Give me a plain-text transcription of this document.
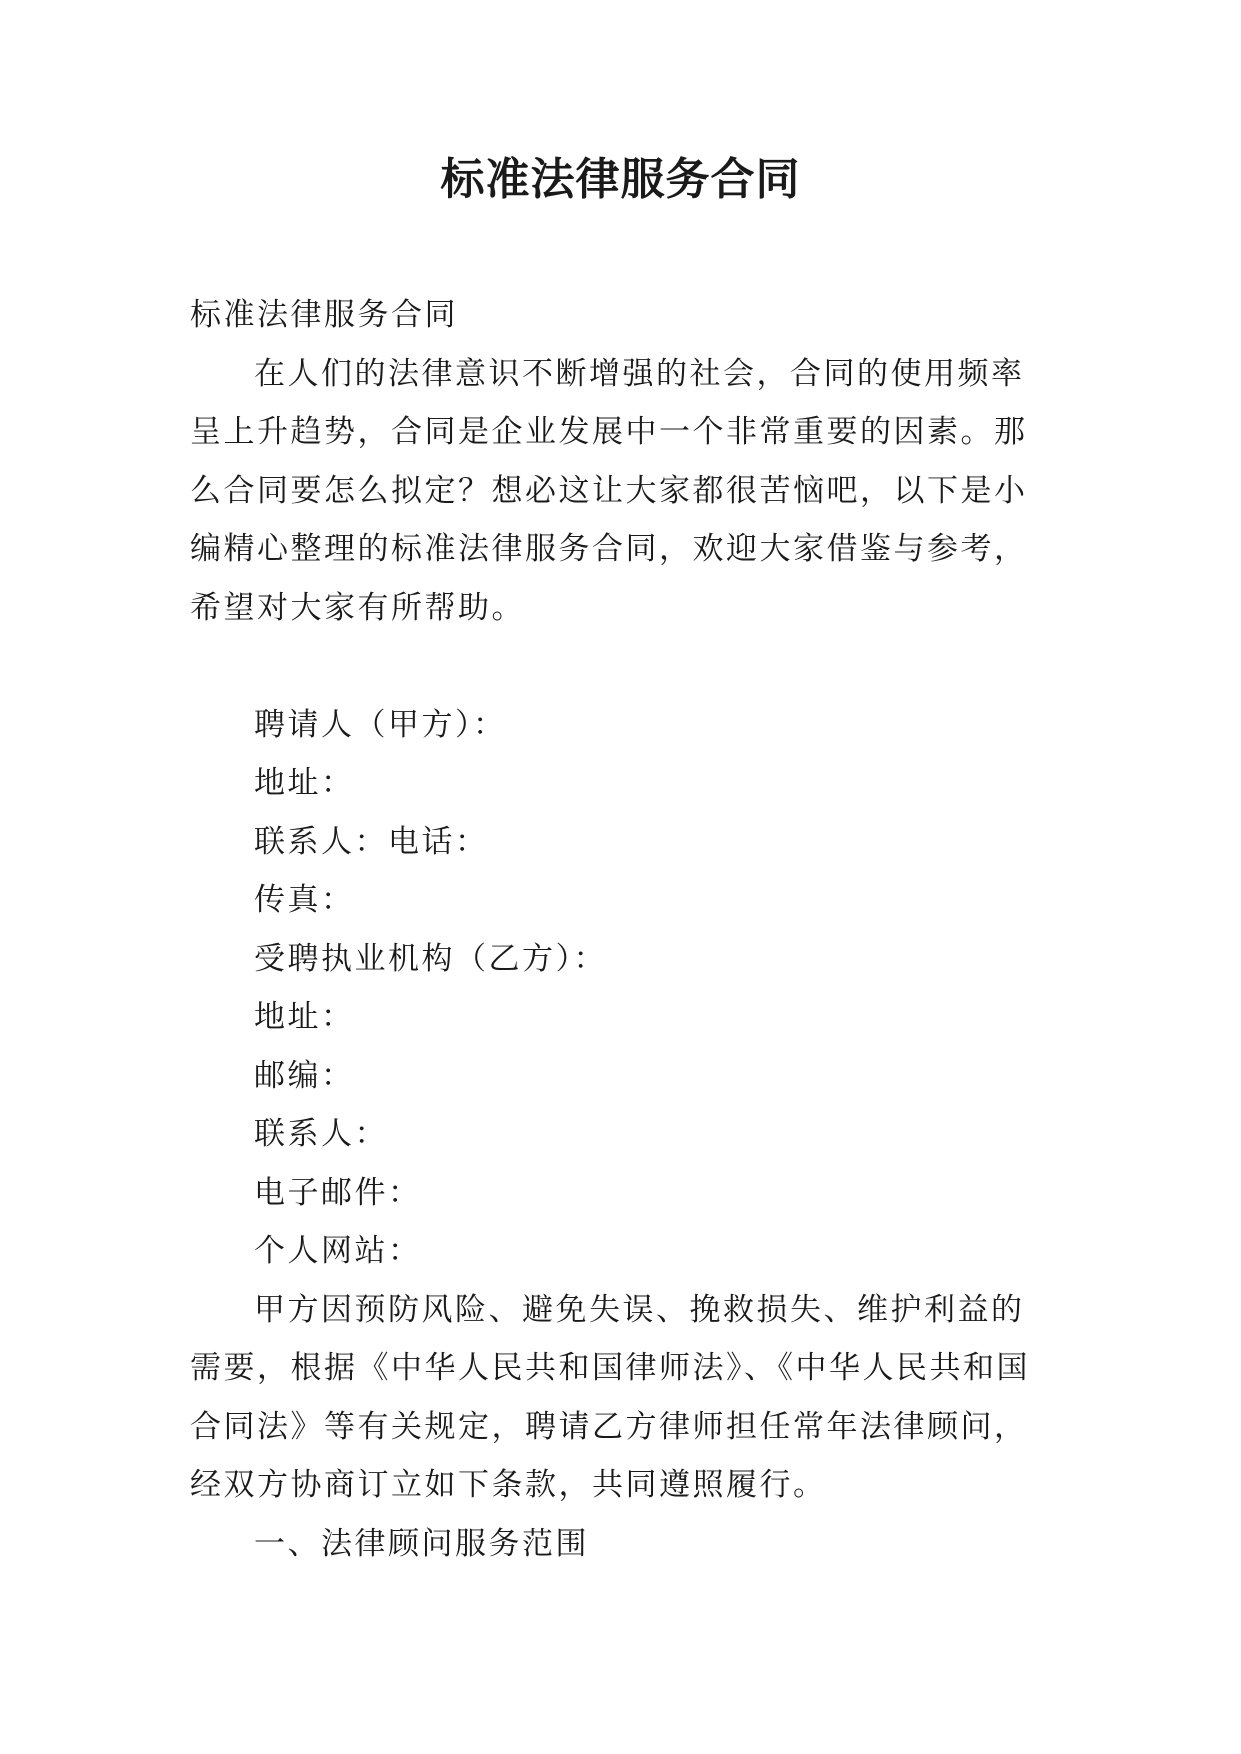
标准法律服务合同

标准法律服务合同

在人们的法律意识不断增强的社会，合同的使用频率呈上升趋势，合同是企业发展中一个非常重要的因素。那么合同要怎么拟定？想必这让大家都很苦恼吧，以下是小编精心整理的标准法律服务合同，欢迎大家借鉴与参考，希望对大家有所帮助。

聘请人（甲方）：

地址：

联系人：电话：

传真：

受聘执业机构（乙方）：

地址：

邮编：

联系人：

电子邮件：

个人网站：

甲方因预防风险、避免失误、挽救损失、维护利益的需要，根据《中华人民共和国律师法》、《中华人民共和国合同法》等有关规定，聘请乙方律师担任常年法律顾问，经双方协商订立如下条款，共同遵照履行。

一、法律顾问服务范围
